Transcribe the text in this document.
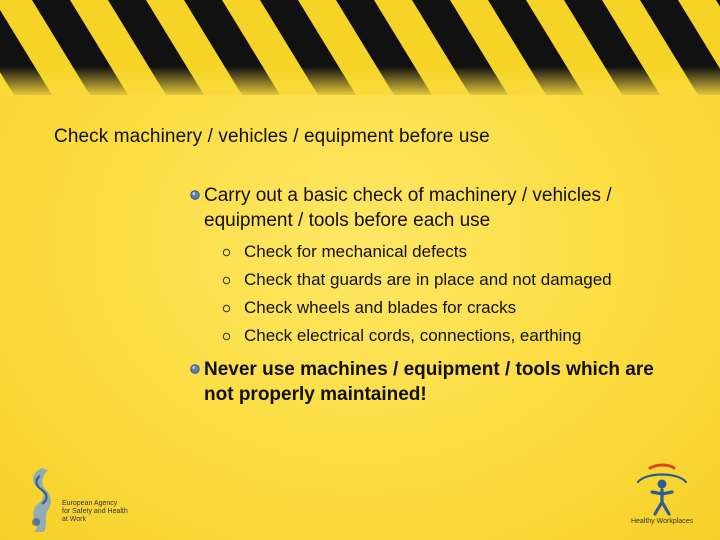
Check machinery / vehicles / equipment before use
Carry out a basic check of machinery / vehicles / equipment / tools before each use
Check for mechanical defects
Check that guards are in place and not damaged
Check wheels and blades for cracks
Check electrical cords, connections, earthing
Never use machines / equipment / tools which are not properly maintained!
European Agency
for Safety and Health
at Work	Healthy Workplaces
